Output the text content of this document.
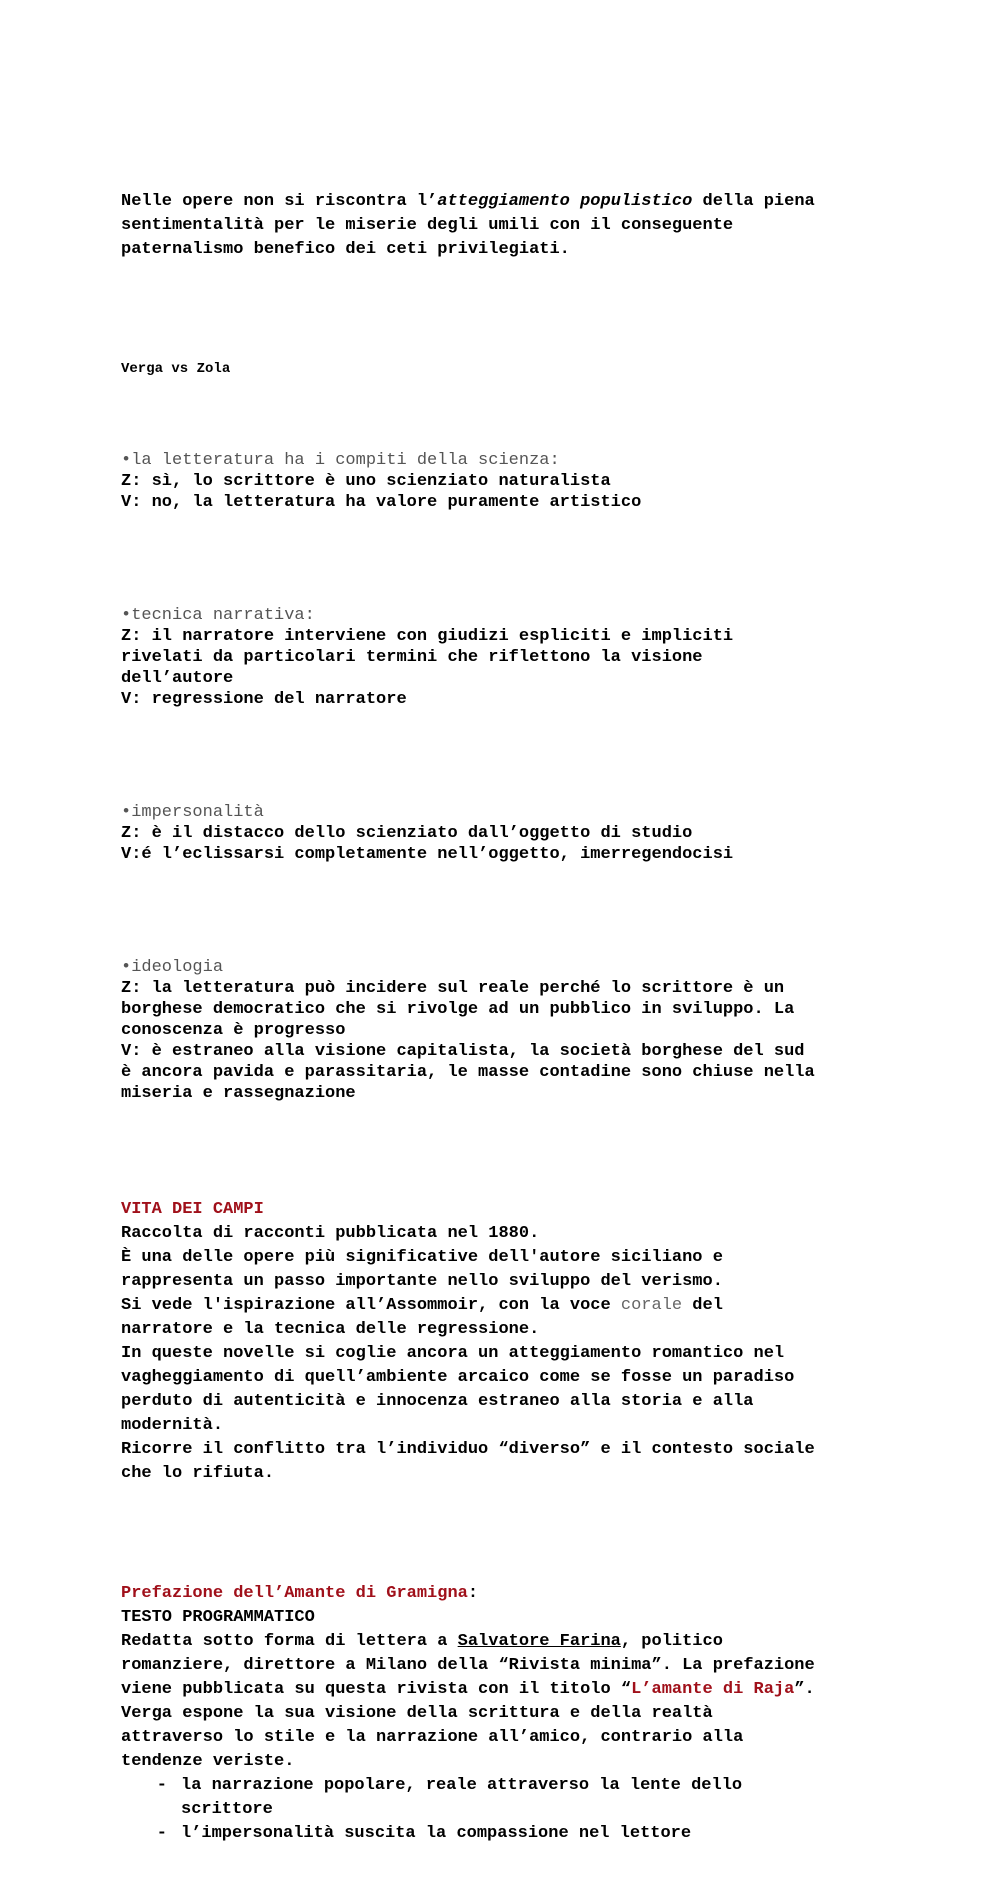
Nelle opere non si riscontra l’atteggiamento populistico della piena
sentimentalità per le miserie degli umili con il conseguente
paternalismo benefico dei ceti privilegiati.

Verga vs Zola

•la letteratura ha i compiti della scienza:
Z: sì, lo scrittore è uno scienziato naturalista
V: no, la letteratura ha valore puramente artistico

•tecnica narrativa:
Z: il narratore interviene con giudizi espliciti e impliciti
rivelati da particolari termini che riflettono la visione
dell’autore
V: regressione del narratore

•impersonalità
Z: è il distacco dello scienziato dall’oggetto di studio
V:é l’eclissarsi completamente nell’oggetto, imerregendocisi

•ideologia
Z: la letteratura può incidere sul reale perché lo scrittore è un
borghese democratico che si rivolge ad un pubblico in sviluppo. La
conoscenza è progresso
V: è estraneo alla visione capitalista, la società borghese del sud
è ancora pavida e parassitaria, le masse contadine sono chiuse nella
miseria e rassegnazione

VITA DEI CAMPI
Raccolta di racconti pubblicata nel 1880.
È una delle opere più significative dell'autore siciliano e
rappresenta un passo importante nello sviluppo del verismo.
Si vede l'ispirazione all’Assommoir, con la voce corale del
narratore e la tecnica delle regressione.
In queste novelle si coglie ancora un atteggiamento romantico nel
vagheggiamento di quell’ambiente arcaico come se fosse un paradiso
perduto di autenticità e innocenza estraneo alla storia e alla
modernità.
Ricorre il conflitto tra l’individuo “diverso” e il contesto sociale
che lo rifiuta.

Prefazione dell’Amante di Gramigna:
TESTO PROGRAMMATICO
Redatta sotto forma di lettera a Salvatore Farina, politico
romanziere, direttore a Milano della “Rivista minima”. La prefazione
viene pubblicata su questa rivista con il titolo “L’amante di Raja”.
Verga espone la sua visione della scrittura e della realtà
attraverso lo stile e la narrazione all’amico, contrario alla
tendenze veriste.
- la narrazione popolare, reale attraverso la lente dello
scrittore
- l’impersonalità suscita la compassione nel lettore
